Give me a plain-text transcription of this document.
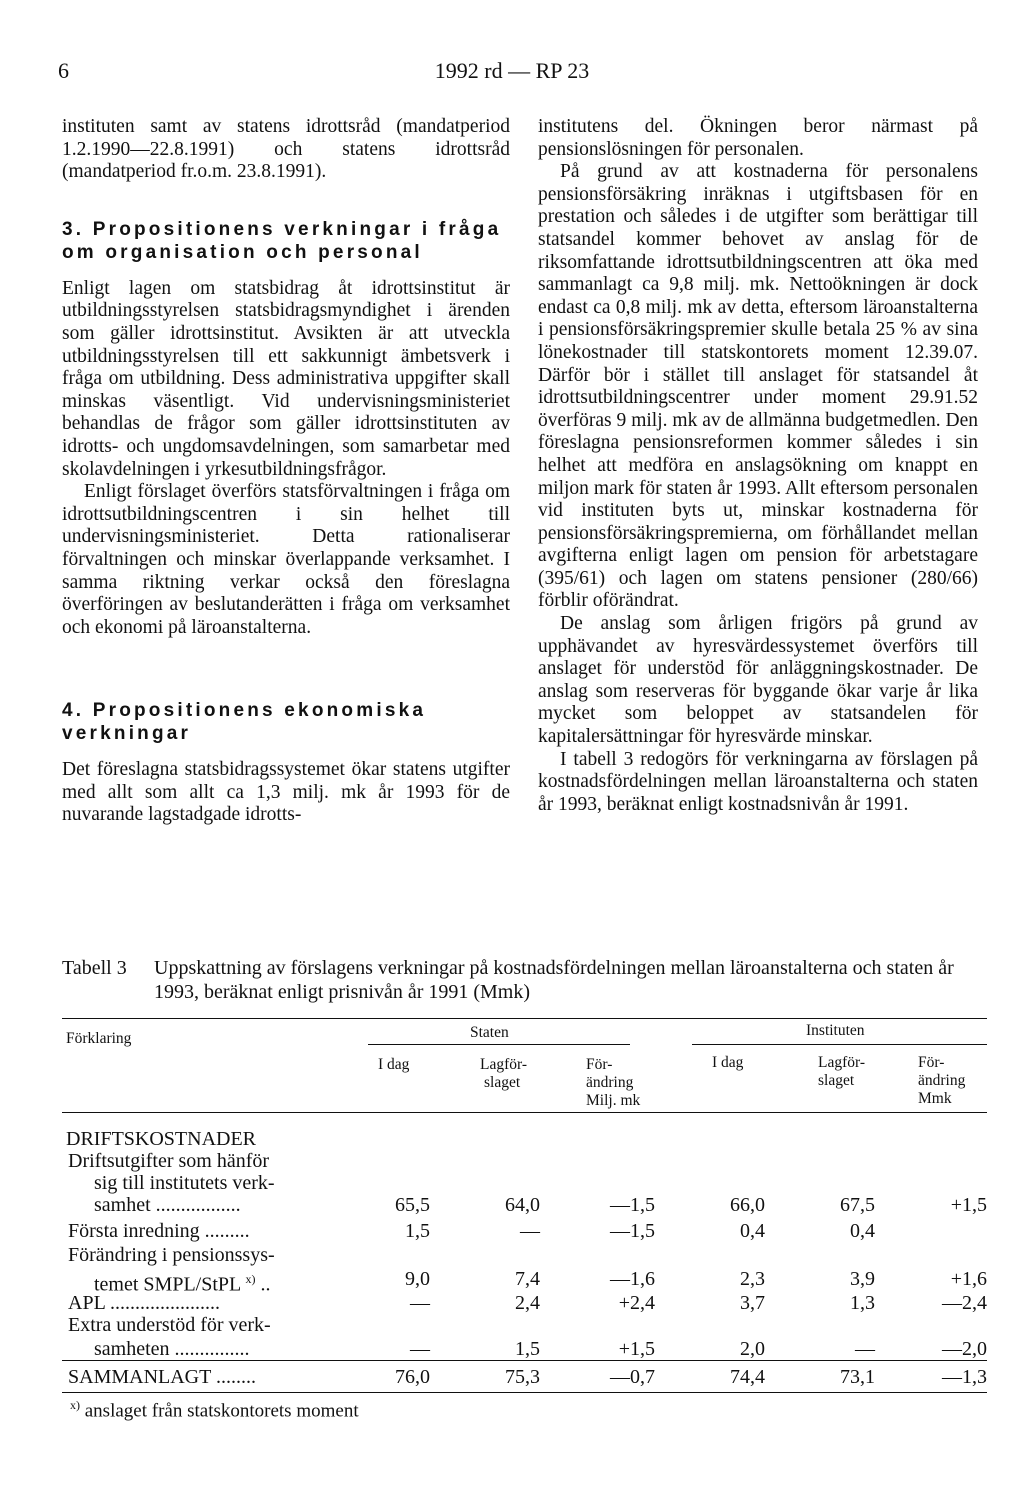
6	1992 rd — RP 23

instituten samt av statens idrottsråd (mandatperiod 1.2.1990—22.8.1991) och statens idrottsråd (mandatperiod fr.o.m. 23.8.1991).

3. Propositionens verkningar i fråga om organisation och personal

Enligt lagen om statsbidrag åt idrottsinstitut är utbildningsstyrelsen statsbidragsmyndighet i ärenden som gäller idrottsinstitut. Avsikten är att utveckla utbildningsstyrelsen till ett sakkunnigt ämbetsverk i fråga om utbildning. Dess administrativa uppgifter skall minskas väsentligt. Vid undervisningsministeriet behandlas de frågor som gäller idrottsinstituten av idrotts- och ungdomsavdelningen, som samarbetar med skolavdelningen i yrkesutbildningsfrågor.

Enligt förslaget överförs statsförvaltningen i fråga om idrottsutbildningscentren i sin helhet till undervisningsministeriet. Detta rationaliserar förvaltningen och minskar överlappande verksamhet. I samma riktning verkar också den föreslagna överföringen av beslutanderätten i fråga om verksamhet och ekonomi på läroanstalterna.

4. Propositionens ekonomiska verkningar

Det föreslagna statsbidragssystemet ökar statens utgifter med allt som allt ca 1,3 milj. mk år 1993 för de nuvarande lagstadgade idrotts-

institutens del. Ökningen beror närmast på pensionslösningen för personalen.

På grund av att kostnaderna för personalens pensionsförsäkring inräknas i utgiftsbasen för en prestation och således i de utgifter som berättigar till statsandel kommer behovet av anslag för de riksomfattande idrottsutbildningscentren att öka med sammanlagt ca 9,8 milj. mk. Nettoökningen är dock endast ca 0,8 milj. mk av detta, eftersom läroanstalterna i pensionsförsäkringspremier skulle betala 25 % av sina lönekostnader till statskontorets moment 12.39.07. Därför bör i stället till anslaget för statsandel åt idrottsutbildningscentrer under moment 29.91.52 överföras 9 milj. mk av de allmänna budgetmedlen. Den föreslagna pensionsreformen kommer således i sin helhet att medföra en anslagsökning om knappt en miljon mark för staten år 1993. Allt eftersom personalen vid instituten byts ut, minskar kostnaderna för pensionsförsäkringspremierna, om förhållandet mellan avgifterna enligt lagen om pension för arbetstagare (395/61) och lagen om statens pensioner (280/66) förblir oförändrat.

De anslag som årligen frigörs på grund av upphävandet av hyresvärdessystemet överförs till anslaget för understöd för anläggningskostnader. De anslag som reserveras för byggande ökar varje år lika mycket som beloppet av statsandelen för kapitalersättningar för hyresvärde minskar.

I tabell 3 redogörs för verkningarna av förslagen på kostnadsfördelningen mellan läroanstalterna och staten år 1993, beräknat enligt kostnadsnivån år 1991.

Tabell 3 Uppskattning av förslagens verkningar på kostnadsfördelningen mellan läroanstalterna och staten år 1993, beräknat enligt prisnivån år 1991 (Mmk)
Förklaring	Staten	Instituten
I dag	Lagför-
slaget
För-
ändring
Milj. mk
I dag	Lagför-
slaget
För-
ändring
Mmk
DRIFTSKOSTNADER
Driftsutgifter som hänför
sig till institutets verk-
samhet .................	65,5	64,0	—1,5	66,0	67,5	+1,5
Första inredning .........	1,5	—	—1,5	0,4	0,4
Förändring i pensionssys-
temet SMPL/StPL $^{x)}$ ..	9,0	7,4	—1,6	2,3	3,9	+1,6
APL ......................	—	2,4	+2,4	3,7	1,3	—2,4
Extra understöd för verk-
samheten ...............	—	1,5	+1,5	2,0	—	—2,0
SAMMANLAGT ........	76,0	75,3	—0,7	74,4	73,1	—1,3
$^{x)}$ anslaget från statskontorets moment
